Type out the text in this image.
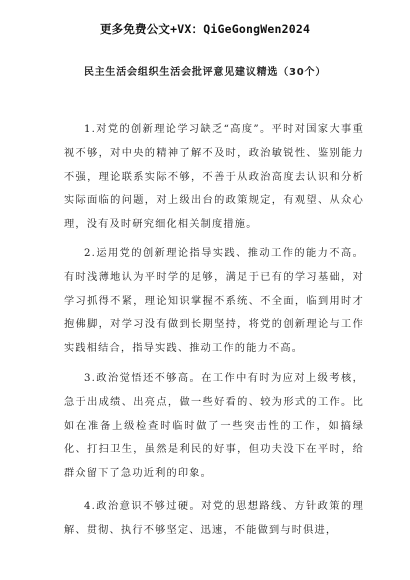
更多免费公文+VX：QiGeGongWen2024
民主生活会组织生活会批评意见建议精选（30个）

1.对党的创新理论学习缺乏“高度”。平时对国家大事重视不够，对中央的精神了解不及时，政治敏锐性、鉴别能力不强，理论联系实际不够，不善于从政治高度去认识和分析实际面临的问题，对上级出台的政策规定，有观望、从众心理，没有及时研究细化相关制度措施。

2.运用党的创新理论指导实践、推动工作的能力不高。有时浅薄地认为平时学的足够，满足于已有的学习基础，对学习抓得不紧，理论知识掌握不系统、不全面，临到用时才抱佛脚，对学习没有做到长期坚持，将党的创新理论与工作实践相结合，指导实践、推动工作的能力不高。

3.政治觉悟还不够高。在工作中有时为应对上级考核，急于出成绩、出亮点，做一些好看的、较为形式的工作。比如在准备上级检查时临时做了一些突击性的工作，如搞绿化、打扫卫生，虽然是利民的好事，但功夫没下在平时，给群众留下了急功近利的印象。

4.政治意识不够过硬。对党的思想路线、方针政策的理解、贯彻、执行不够坚定、迅速，不能做到与时俱进，
